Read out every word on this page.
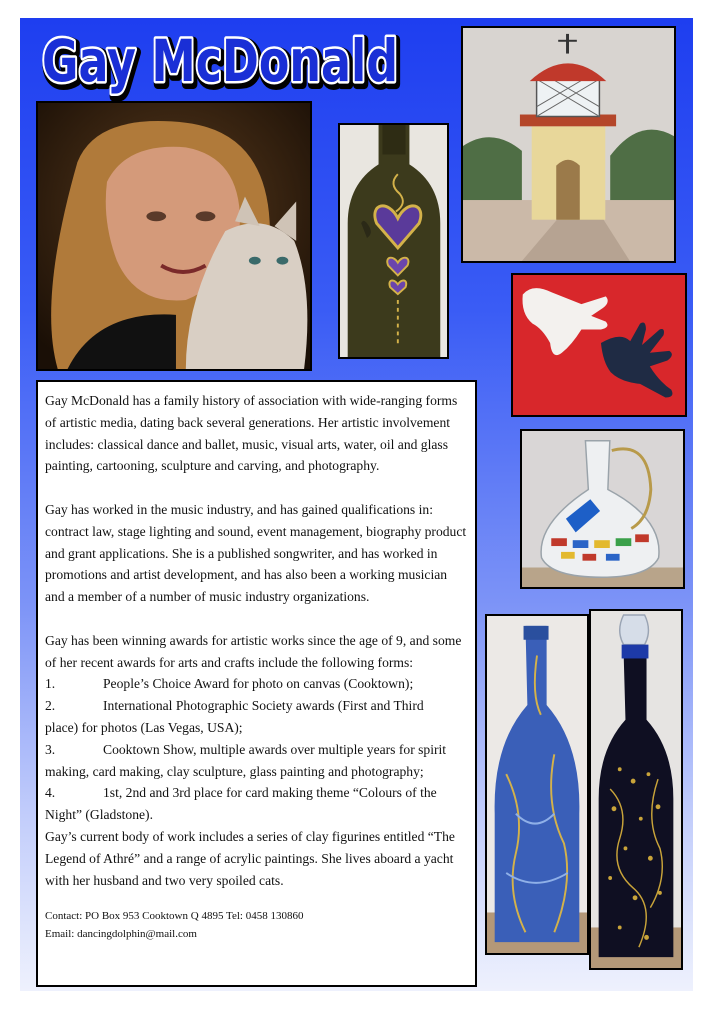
Gay McDonald
Gay McDonald

Gay McDonald has a family history of association with wide-ranging forms of artistic media, dating back several generations. Her artistic involvement includes: classical dance and ballet, music, visual arts, water, oil and glass painting, cartooning, sculpture and carving, and photography.

Gay has worked in the music industry, and has gained qualifications in: contract law, stage lighting and sound, event management, biography product and grant applications. She is a published songwriter, and has worked in promotions and artist development, and has also been a working musician and a member of a number of music industry organizations.

Gay has been winning awards for artistic works since the age of 9, and some of her recent awards for arts and crafts include the following forms:

1.	People’s Choice Award for photo on canvas (Cooktown);
2.	International Photographic Society awards (First and Third

place) for photos (Las Vegas, USA);

3.	Cooktown Show, multiple awards over multiple years for spirit

making, card making, clay sculpture, glass painting and photography;

4.	1st, 2nd and 3rd place for card making theme “Colours of the

Night” (Gladstone).

Gay’s current body of work includes a series of clay figurines entitled “The Legend of Athré” and a range of acrylic paintings. She lives aboard a yacht with her husband and two very spoiled cats.

Contact: PO Box 953 Cooktown Q 4895 Tel: 0458 130860

Email: dancingdolphin@mail.com
